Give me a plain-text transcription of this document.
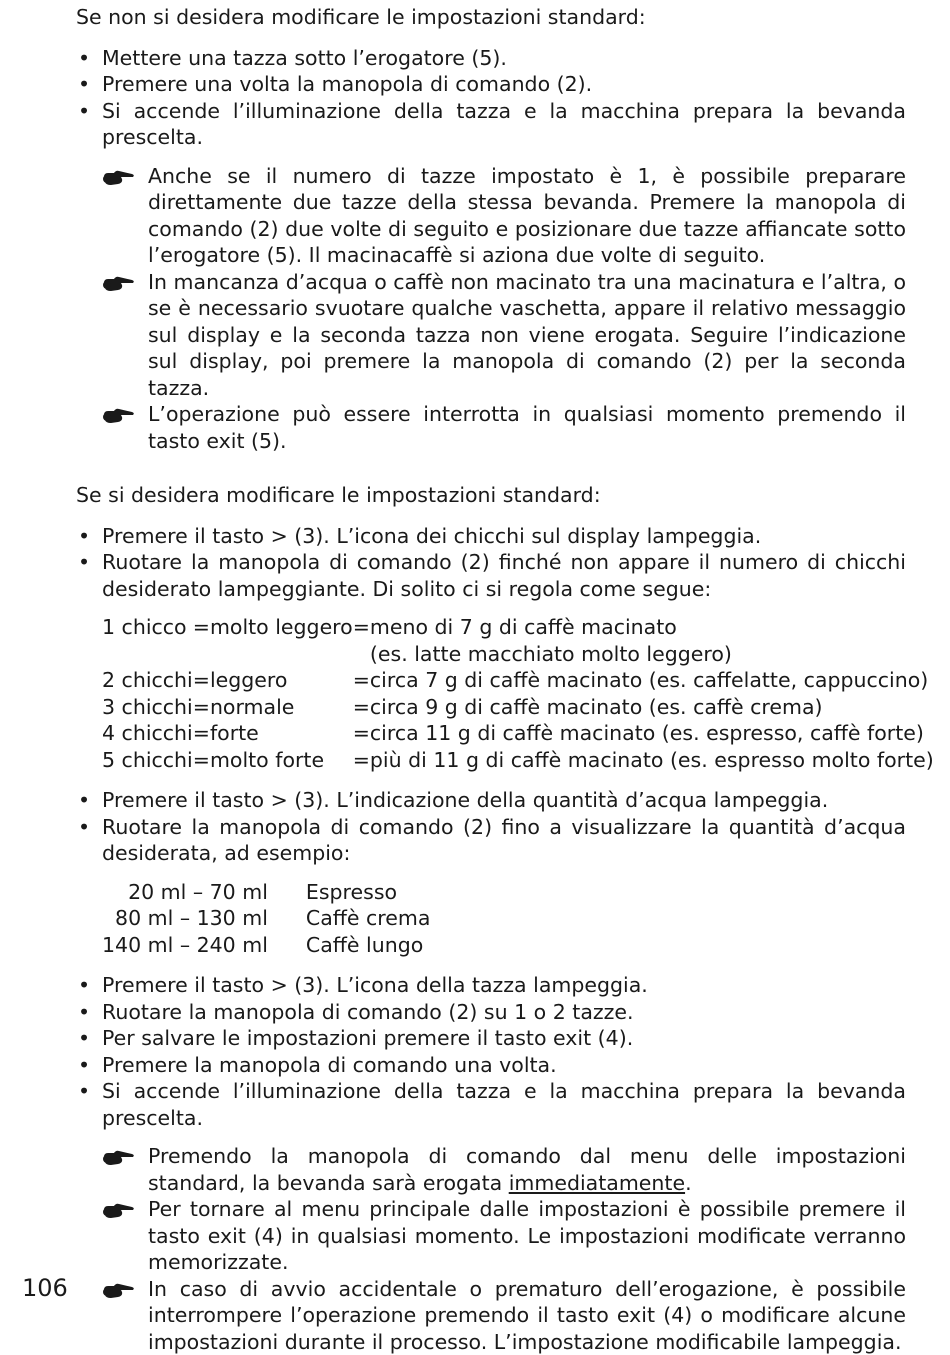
Se non si desidera modificare le impostazioni standard:

• Mettere una tazza sotto l’erogatore (5).
• Premere una volta la manopola di comando (2).
• Si accende l’illuminazione della tazza e la macchina prepara la bevanda prescelta.
Anche se il numero di tazze impostato è 1, è possibile preparare direttamente due tazze della stessa bevanda. Premere la manopola di comando (2) due volte di seguito e posizionare due tazze affiancate sotto l’erogatore (5). Il macinacaffè si aziona due volte di seguito.
In mancanza d’acqua o caffè non macinato tra una macinatura e l’altra, o se è necessario svuotare qualche vaschetta, appare il relativo messaggio sul display e la seconda tazza non viene erogata. Seguire l’indicazione sul display, poi premere la manopola di comando (2) per la seconda tazza.
L’operazione può essere interrotta in qualsiasi momento premendo il tasto exit (5).

Se si desidera modificare le impostazioni standard:

• Premere il tasto > (3). L’icona dei chicchi sul display lampeggia.
• Ruotare la manopola di comando (2) finché non appare il numero di chicchi desiderato lampeggiante. Di solito ci si regola come segue:
1 chicco	=	molto leggero	=	meno di 7 g di caffè macinato
(es. latte macchiato molto leggero)

2 chicchi	=	leggero	=	circa 7 g di caffè macinato (es. caffelatte, cappuccino)
3 chicchi	=	normale	=	circa 9 g di caffè macinato (es. caffè crema)
4 chicchi	=	forte	=	circa 11 g di caffè macinato (es. espresso, caffè forte)
5 chicchi	=	molto forte	=	più di 11 g di caffè macinato (es. espresso molto forte)
• Premere il tasto > (3). L’indicazione della quantità d’acqua lampeggia.
• Ruotare la manopola di comando (2) fino a visualizzare la quantità d’acqua desiderata, ad esempio:
20 ml – 70 ml	Espresso
80 ml – 130 ml	Caffè crema
140 ml – 240 ml	Caffè lungo
• Premere il tasto > (3). L’icona della tazza lampeggia.
• Ruotare la manopola di comando (2) su 1 o 2 tazze.
• Per salvare le impostazioni premere il tasto exit (4).
• Premere la manopola di comando una volta.
• Si accende l’illuminazione della tazza e la macchina prepara la bevanda prescelta.
Premendo la manopola di comando dal menu delle impostazioni standard, la bevanda sarà erogata immediatamente.
Per tornare al menu principale dalle impostazioni è possibile premere il tasto exit (4) in qualsiasi momento. Le impostazioni modificate verranno memorizzate.
In caso di avvio accidentale o prematuro dell’erogazione, è possibile interrompere l’operazione premendo il tasto exit (4) o modificare alcune impostazioni durante il processo. L’impostazione modificabile lampeggia.
106
